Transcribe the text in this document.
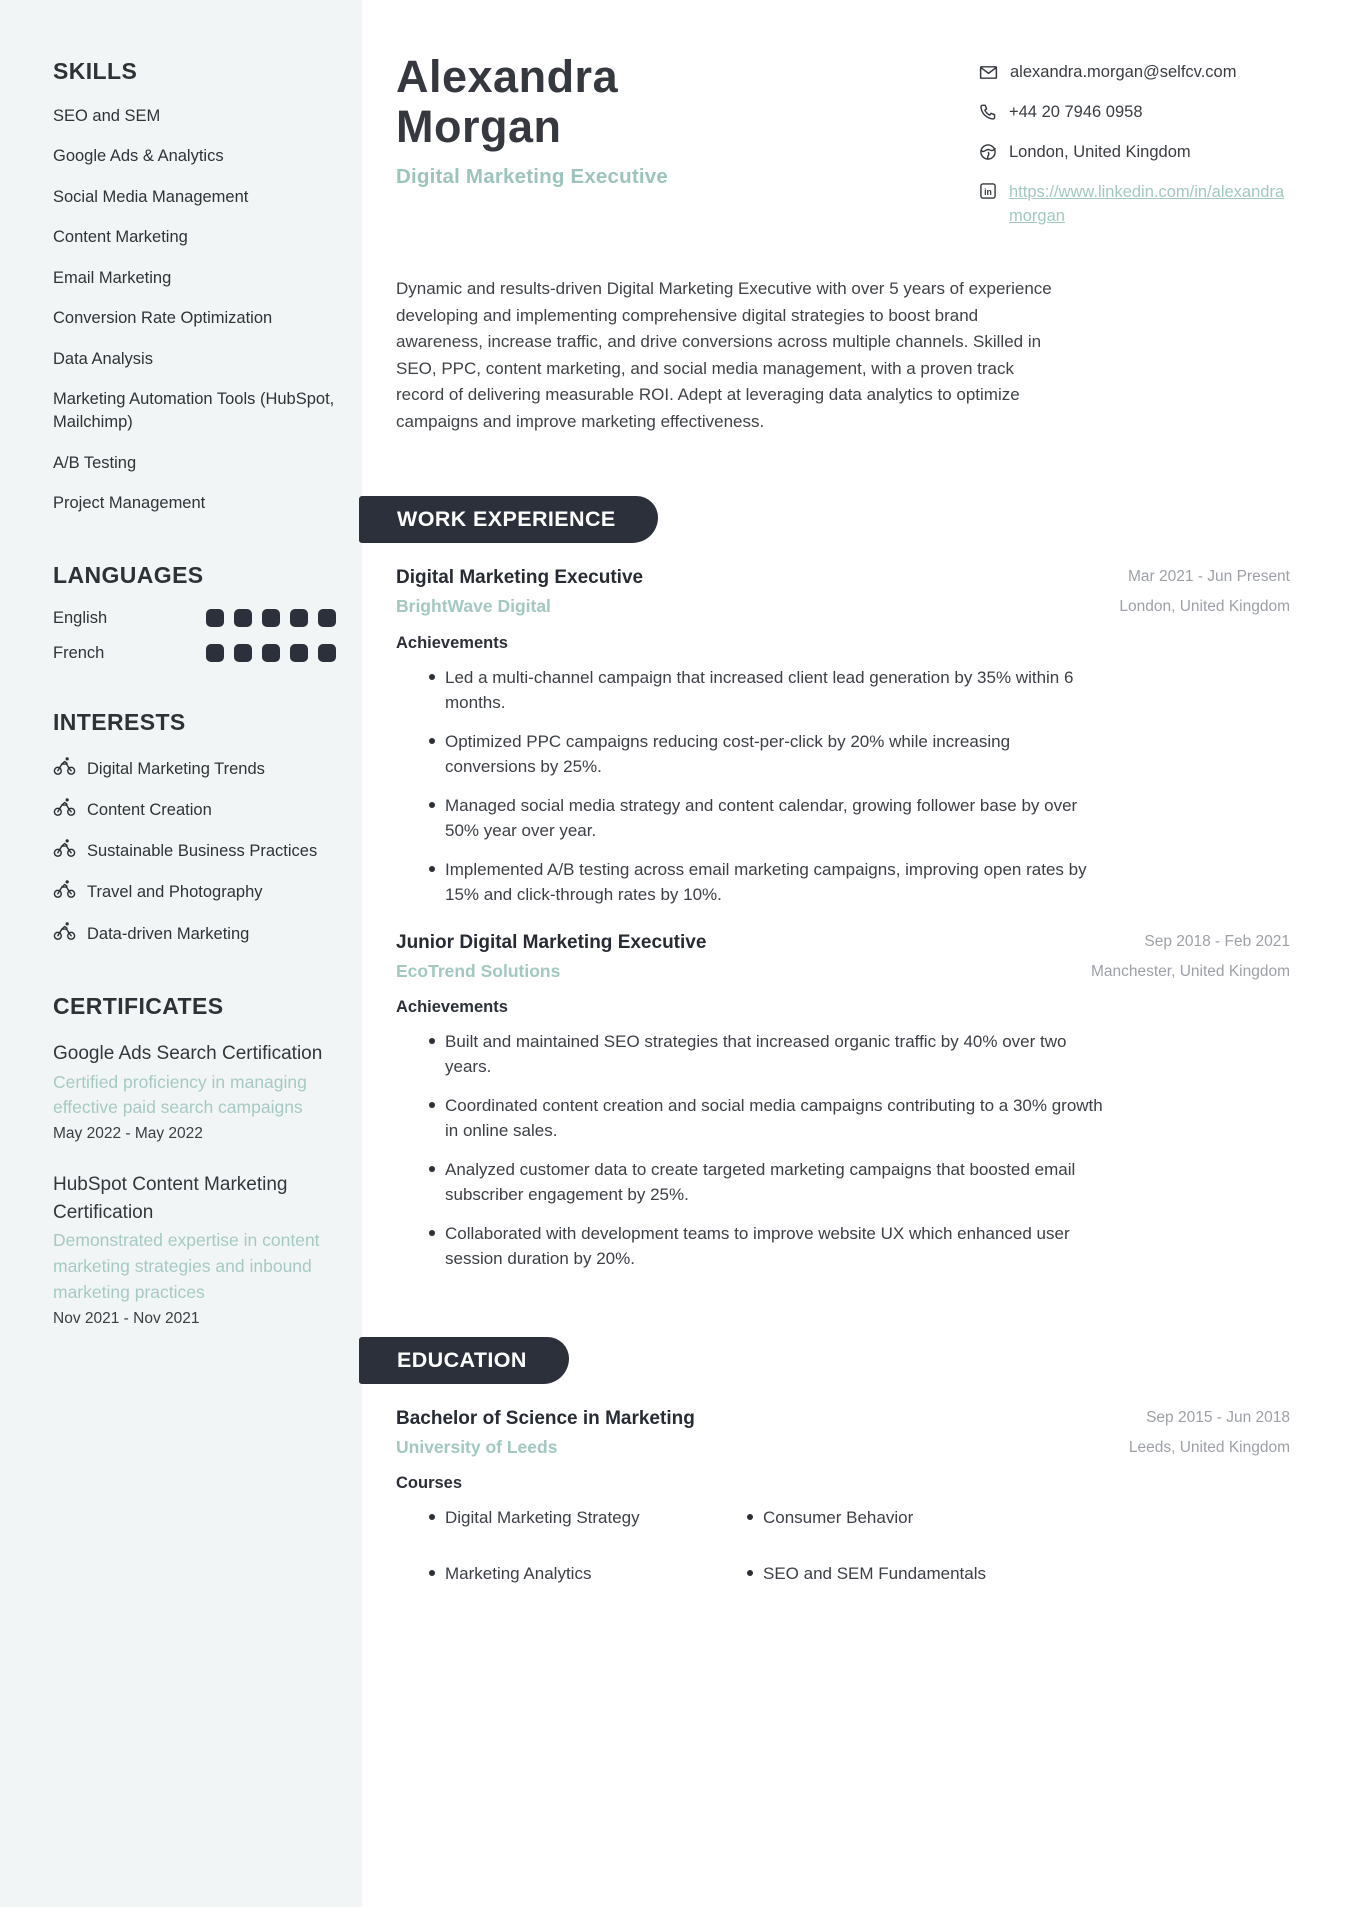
SKILLS
SEO and SEM
Google Ads & Analytics
Social Media Management
Content Marketing
Email Marketing
Conversion Rate Optimization
Data Analysis
Marketing Automation Tools (HubSpot, Mailchimp)
A/B Testing
Project Management
LANGUAGES
English
French
INTERESTS
Digital Marketing Trends
Content Creation
Sustainable Business Practices
Travel and Photography
Data-driven Marketing
CERTIFICATES
Google Ads Search Certification
Certified proficiency in managing effective paid search campaigns
May 2022 - May 2022
HubSpot Content Marketing Certification
Demonstrated expertise in content marketing strategies and inbound marketing practices
Nov 2021 - Nov 2021
Alexandra
Morgan
Digital Marketing Executive
alexandra.morgan@selfcv.com
+44 20 7946 0958
London, United Kingdom
in https://www.linkedin.com/in/alexandramorgan

Dynamic and results-driven Digital Marketing Executive with over 5 years of experience developing and implementing comprehensive digital strategies to boost brand awareness, increase traffic, and drive conversions across multiple channels. Skilled in SEO, PPC, content marketing, and social media management, with a proven track record of delivering measurable ROI. Adept at leveraging data analytics to optimize campaigns and improve marketing effectiveness.

WORK EXPERIENCE
Digital Marketing Executive
BrightWave Digital
Mar 2021 - Jun Present
London, United Kingdom
Achievements
Led a multi-channel campaign that increased client lead generation by 35% within 6 months.
Optimized PPC campaigns reducing cost-per-click by 20% while increasing conversions by 25%.
Managed social media strategy and content calendar, growing follower base by over 50% year over year.
Implemented A/B testing across email marketing campaigns, improving open rates by 15% and click-through rates by 10%.
Junior Digital Marketing Executive
EcoTrend Solutions
Sep 2018 - Feb 2021
Manchester, United Kingdom
Achievements
Built and maintained SEO strategies that increased organic traffic by 40% over two years.
Coordinated content creation and social media campaigns contributing to a 30% growth in online sales.
Analyzed customer data to create targeted marketing campaigns that boosted email subscriber engagement by 25%.
Collaborated with development teams to improve website UX which enhanced user session duration by 20%.
EDUCATION
Bachelor of Science in Marketing
University of Leeds
Sep 2015 - Jun 2018
Leeds, United Kingdom
Courses
Digital Marketing Strategy	Consumer Behavior
Marketing Analytics	SEO and SEM Fundamentals
